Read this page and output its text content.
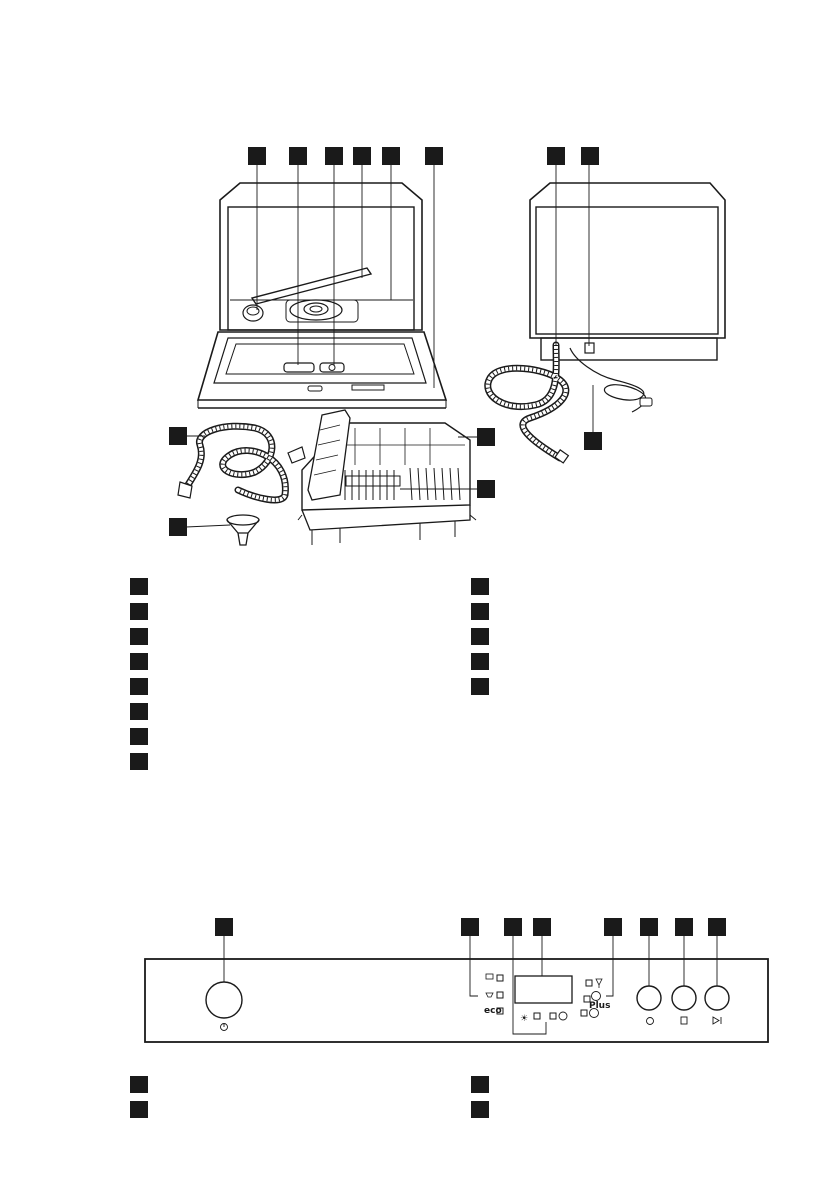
eco
☀
Plus
